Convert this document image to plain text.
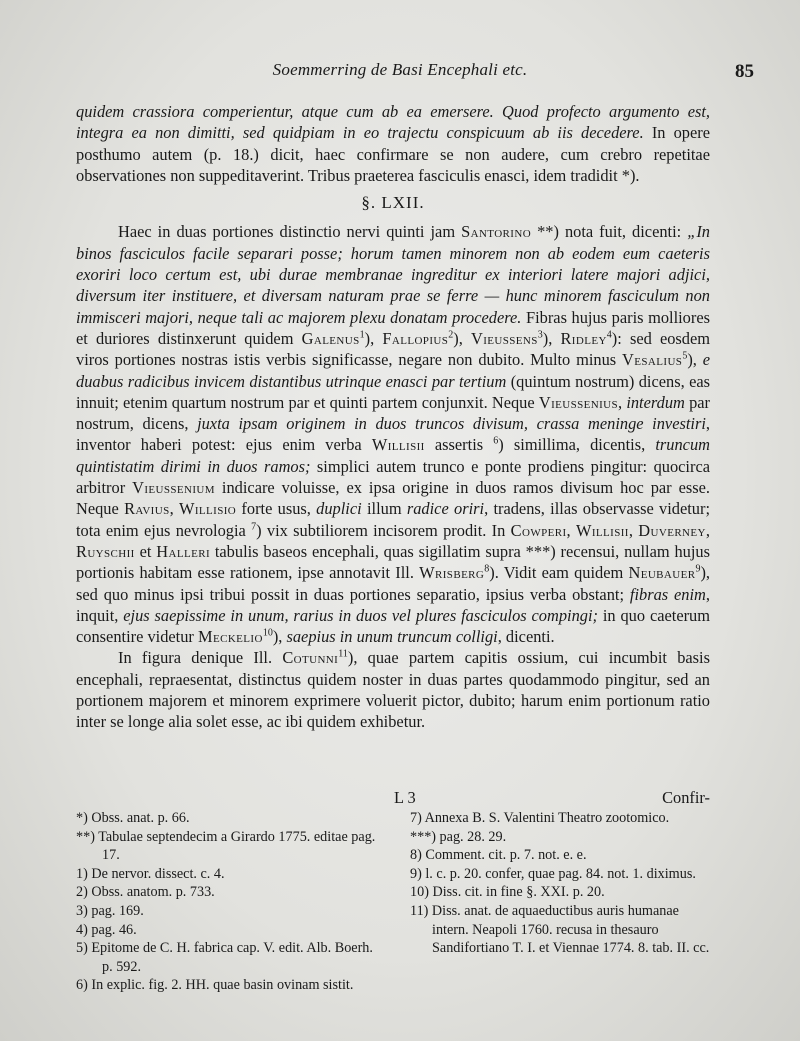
Soemmerring de Basi Encephali etc.	85

quidem crassiora comperientur, atque cum ab ea emersere. Quod profecto argumento est, integra ea non dimitti, sed quidpiam in eo trajectu conspicuum ab iis decedere. In opere posthumo autem (p. 18.) dicit, haec confirmare se non audere, cum crebro repetitae observationes non suppeditaverint. Tribus praeterea fasciculis enasci, idem tradidit *).

§. LXII.

Haec in duas portiones distinctio nervi quinti jam Santorino **) nota fuit, dicenti: „In binos fasciculos facile separari posse; horum tamen minorem non ab eodem eum caeteris exoriri loco certum est, ubi durae membranae ingreditur ex interiori latere majori adjici, diversum iter instituere, et diversam naturam prae se ferre — hunc minorem fasciculum non immisceri majori, neque tali ac majorem plexu donatam procedere. Fibras hujus paris molliores et duriores distinxerunt quidem Galenus$^1$), Fallopius$^2$), Vieussens$^3$), Ridley$^4$): sed eosdem viros portiones nostras istis verbis significasse, negare non dubito. Multo minus Vesalius$^5$), e duabus radicibus invicem distantibus utrinque enasci par tertium (quintum nostrum) dicens, eas innuit; etenim quartum nostrum par et quinti partem conjunxit. Neque Vieussenius, interdum par nostrum, dicens, juxta ipsam originem in duos truncos divisum, crassa meninge investiri, inventor haberi potest: ejus enim verba Willisii assertis $^6$) simillima, dicentis, truncum quintistatim dirimi in duos ramos; simplici autem trunco e ponte prodiens pingitur: quocirca arbitror Vieussenium indicare voluisse, ex ipsa origine in duos ramos divisum hoc par esse. Neque Ravius, Willisio forte usus, duplici illum radice oriri, tradens, illas observasse videtur; tota enim ejus nevrologia $^7$) vix subtiliorem incisorem prodit. In Cowperi, Willisii, Duverney, Ruyschii et Halleri tabulis baseos encephali, quas sigillatim supra ***) recensui, nullam hujus portionis habitam esse rationem, ipse annotavit Ill. Wrisberg$^8$). Vidit eam quidem Neubauer$^9$), sed quo minus ipsi tribui possit in duas portiones separatio, ipsius verba obstant; fibras enim, inquit, ejus saepissime in unum, rarius in duos vel plures fasciculos compingi; in quo caeterum consentire videtur Meckelio$^{10}$), saepius in unum truncum colligi, dicenti.

In figura denique Ill. Cotunni$^{11}$), quae partem capitis ossium, cui incumbit basis encephali, repraesentat, distinctus quidem noster in duas partes quodammodo pingitur, sed an portionem majorem et minorem exprimere voluerit pictor, dubito; harum enim portionum ratio inter se longe alia solet esse, ac ibi quidem exhibetur.

L 3	Confir-

*) Obss. anat. p. 66.

**) Tabulae septendecim a Girardo 1775. editae pag. 17.

1) De nervor. dissect. c. 4.

2) Obss. anatom. p. 733.

3) pag. 169.

4) pag. 46.

5) Epitome de C. H. fabrica cap. V. edit. Alb. Boerh. p. 592.

6) In explic. fig. 2. HH. quae basin ovinam sistit.

7) Annexa B. S. Valentini Theatro zootomico.

***) pag. 28. 29.

8) Comment. cit. p. 7. not. e. e.

9) l. c. p. 20. confer, quae pag. 84. not. 1. diximus.

10) Diss. cit. in fine §. XXI. p. 20.

11) Diss. anat. de aquaeductibus auris humanae intern. Neapoli 1760. recusa in thesauro Sandifortiano T. I. et Viennae 1774. 8. tab. II. cc.
